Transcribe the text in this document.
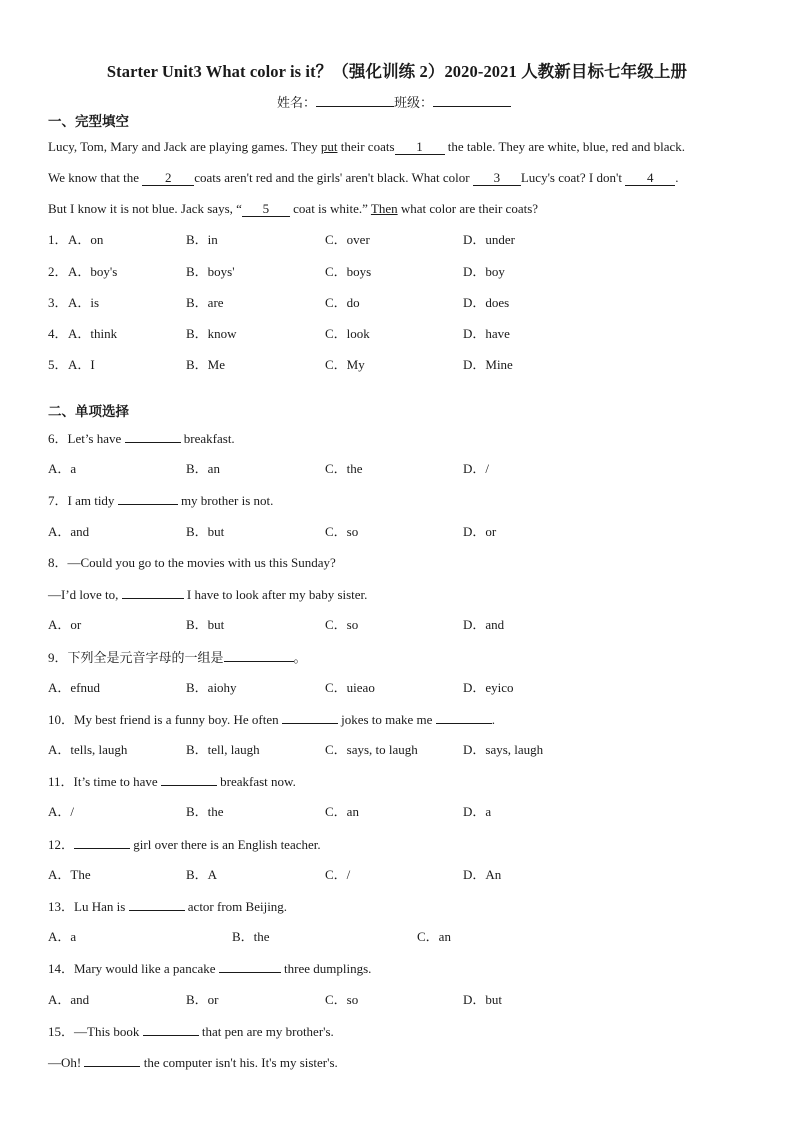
Starter Unit3 What color is it？（强化训练 2）2020-2021 人教新目标七年级上册
姓名：	班级：
一、完型填空
Lucy, Tom, Mary and Jack are playing games. They put their coats 1 the table. They are white, blue, red and black.
We know that the 2 coats aren't red and the girls' aren't black. What color 3 Lucy's coat? I don't 4 .
But I know it is not blue. Jack says, “ 5 coat is white.” Then what color are their coats?
1． A．on	B．in	C．over	D．under
2． A．boy's	B．boys'	C．boys	D．boy
3． A．is	B．are	C．do	D．does
4． A．think	B．know	C．look	D．have
5． A．I	B．Me	C．My	D．Mine
二、单项选择
6．Let’s have	breakfast.
A．a	B．an	C．the	D．/
7．I am tidy	my brother is not.
A．and	B．but	C．so	D．or
8．—Could you go to the movies with us this Sunday?
—I’d love to,	I have to look after my baby sister.
A．or	B．but	C．so	D．and
9．下列全是元音字母的一组是	。
A．efnud	B．aiohy	C．uieao	D．eyico
10．My best friend is a funny boy. He often	jokes to make me	.
A．tells, laugh	B．tell, laugh	C．says, to laugh	D．says, laugh
11．It’s time to have	breakfast now.
A．/	B．the	C．an	D．a
12．	girl over there is an English teacher.
A．The	B．A	C．/	D．An
13．Lu Han is	actor from Beijing.
A．a	B．the	C．an
14．Mary would like a pancake	three dumplings.
A．and	B．or	C．so	D．but
15．—This book	that pen are my brother's.
—Oh!	the computer isn't his. It's my sister's.
